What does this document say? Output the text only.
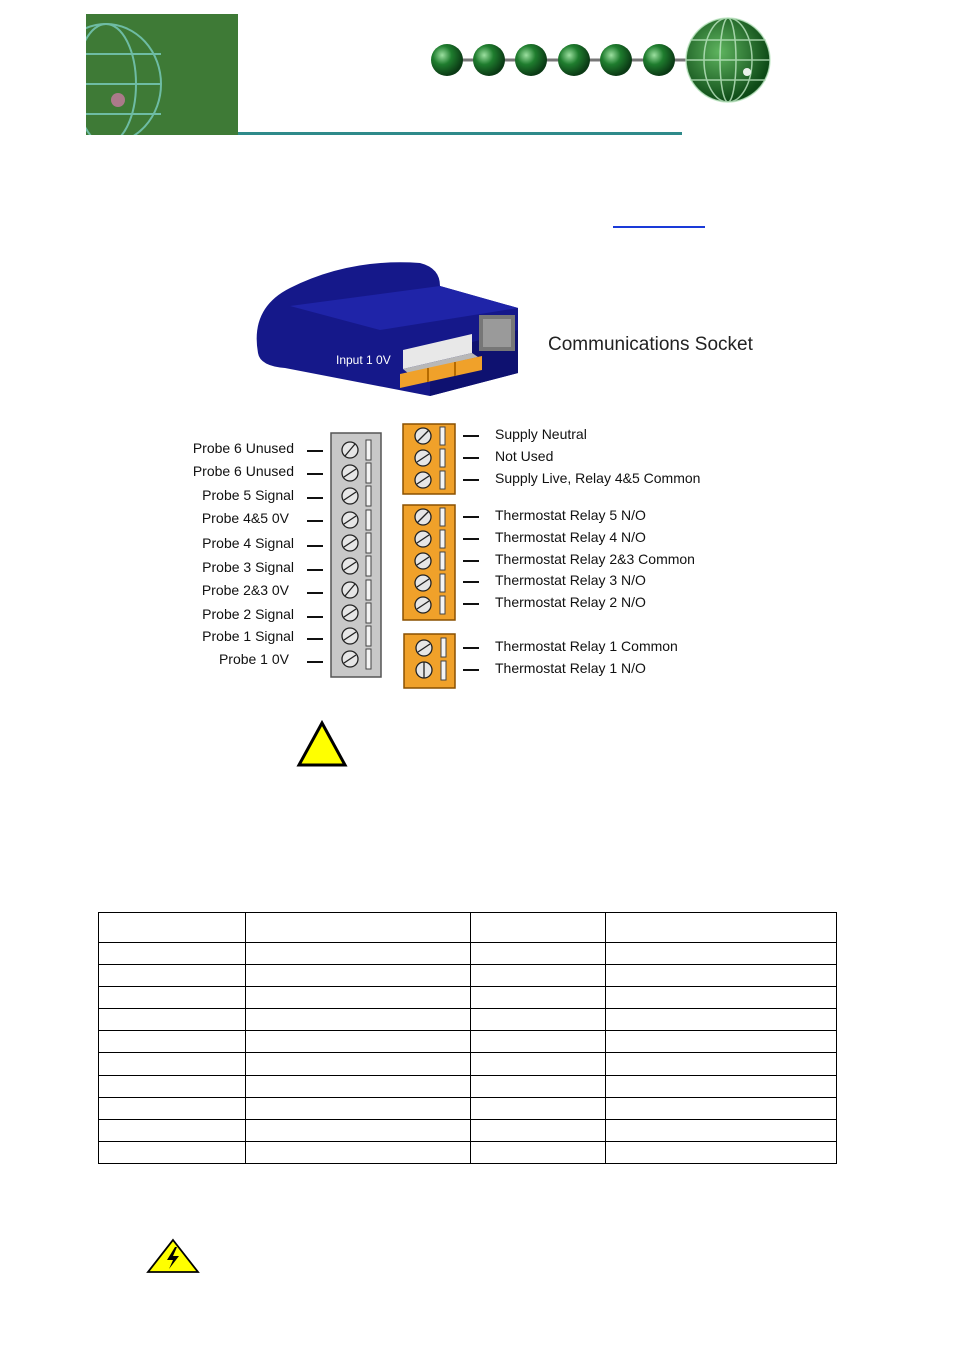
Input 1 0V
Communications Socket
Probe 6 Unused
Probe 6 Unused
Probe 5 Signal
Probe 4&5 0V
Probe 4 Signal
Probe 3 Signal
Probe 2&3 0V
Probe 2 Signal
Probe 1 Signal
Probe 1 0V
Supply Neutral
Not Used
Supply Live, Relay 4&5 Common
Thermostat Relay 5 N/O
Thermostat Relay 4 N/O
Thermostat Relay 2&3 Common
Thermostat Relay 3 N/O
Thermostat Relay 2 N/O
Thermostat Relay 1 Common
Thermostat Relay 1 N/O
